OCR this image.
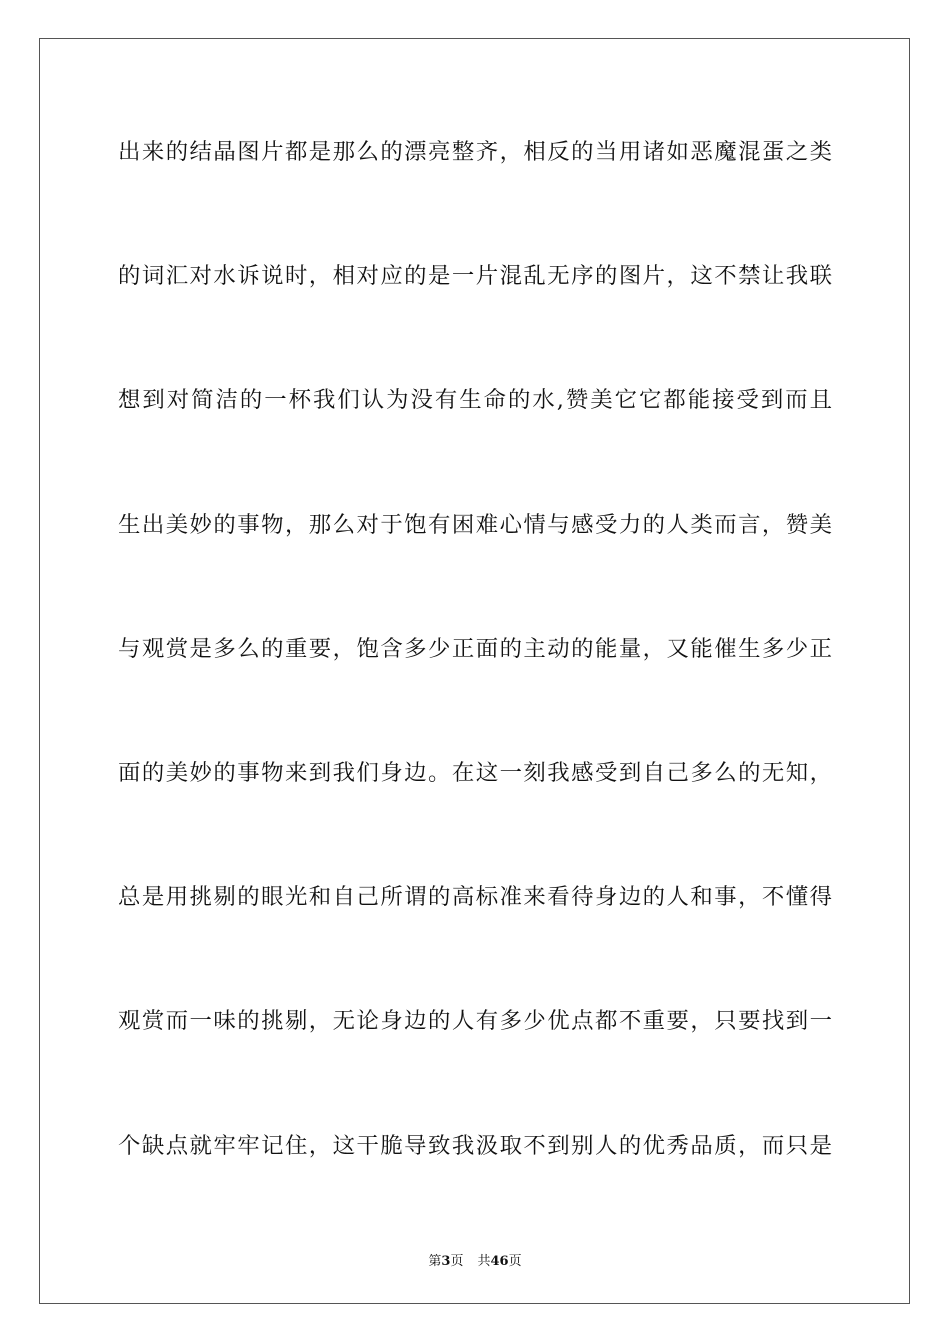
出来的结晶图片都是那么的漂亮整齐，相反的当用诸如恶魔混蛋之类
的词汇对水诉说时，相对应的是一片混乱无序的图片，这不禁让我联
想到对简洁的一杯我们认为没有生命的水,赞美它它都能接受到而且
生出美妙的事物，那么对于饱有困难心情与感受力的人类而言，赞美
与观赏是多么的重要，饱含多少正面的主动的能量，又能催生多少正
面的美妙的事物来到我们身边。在这一刻我感受到自己多么的无知，
总是用挑剔的眼光和自己所谓的高标准来看待身边的人和事，不懂得
观赏而一味的挑剔，无论身边的人有多少优点都不重要，只要找到一
个缺点就牢牢记住，这干脆导致我汲取不到别人的优秀品质，而只是
第3页 共46页
